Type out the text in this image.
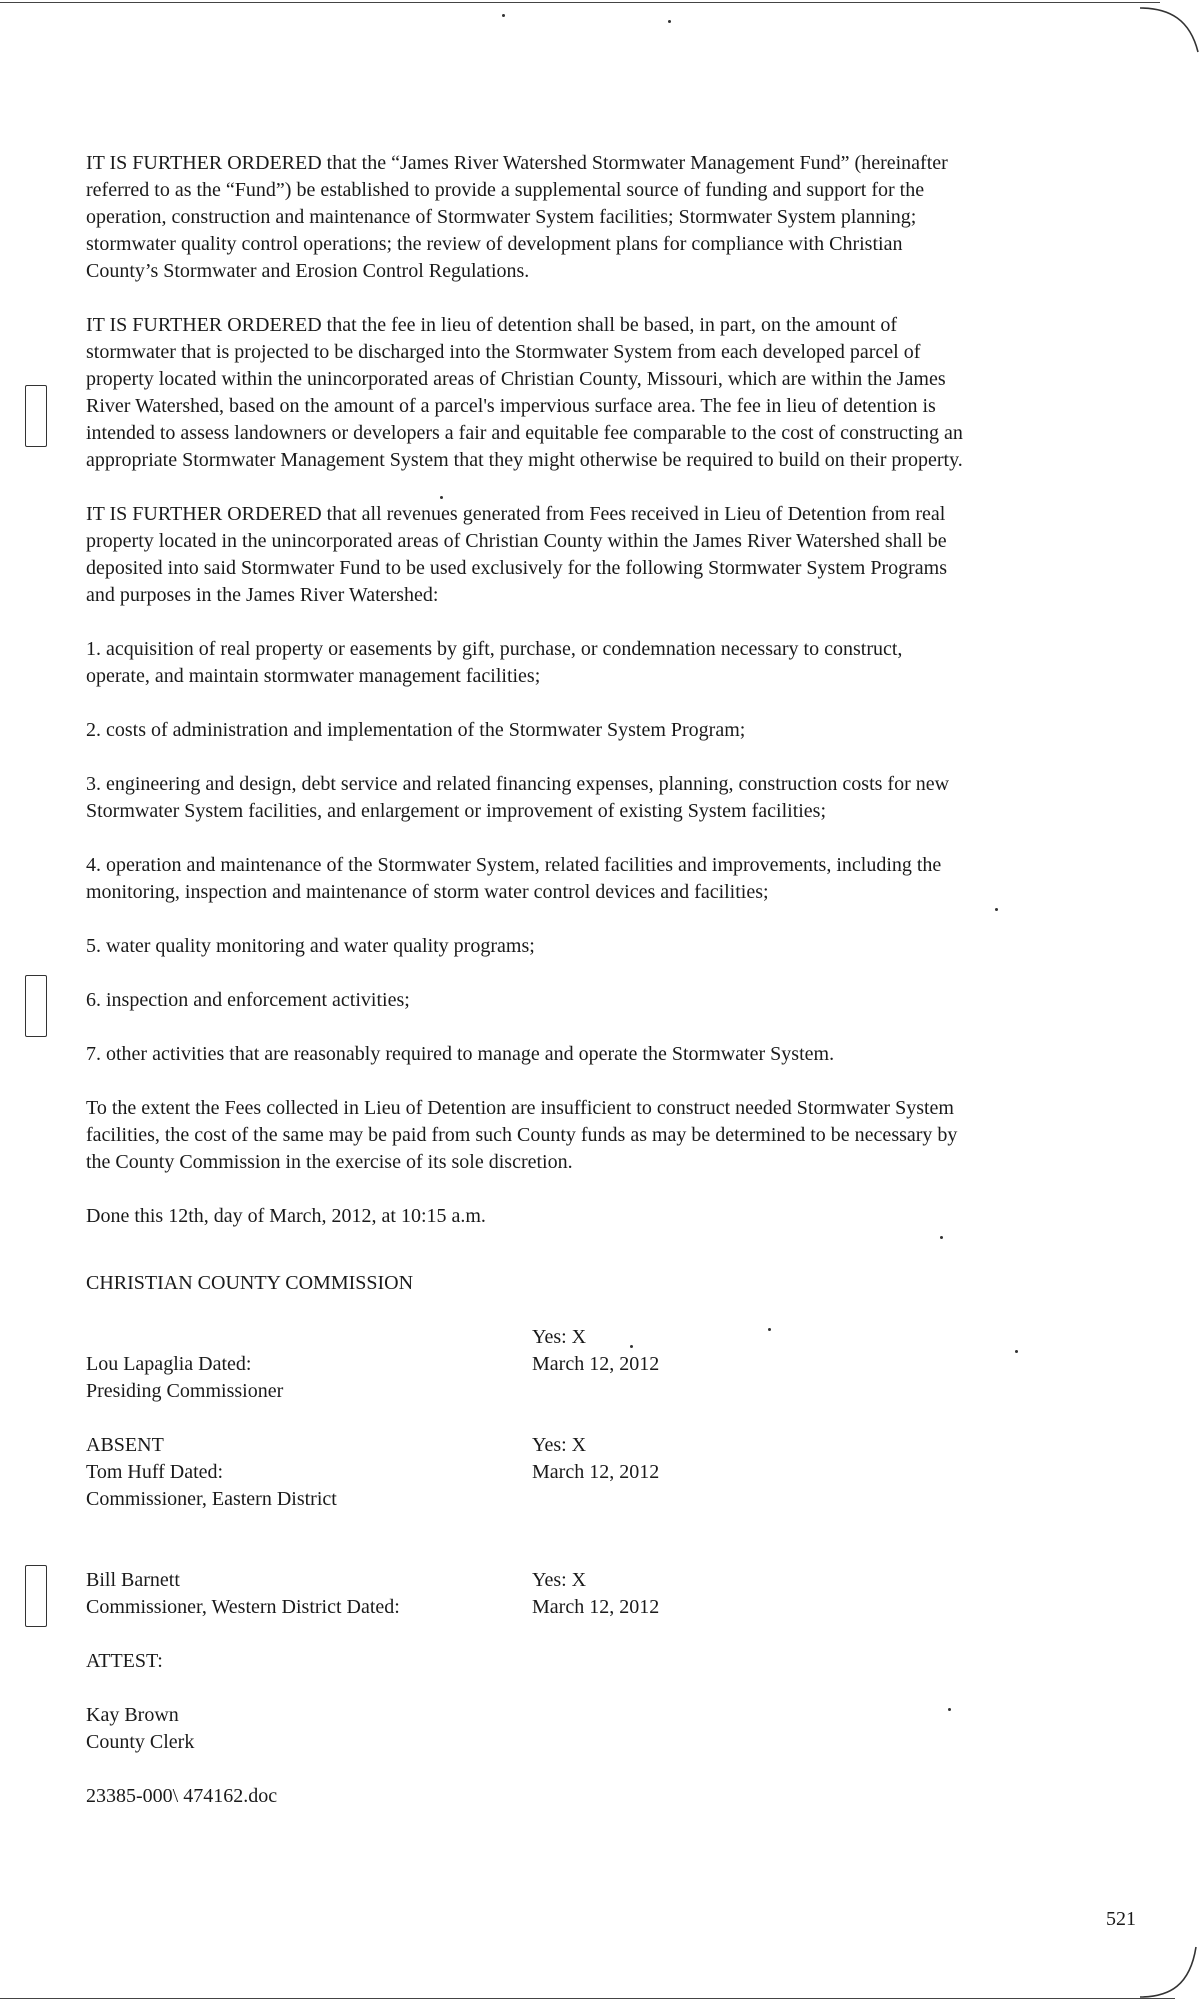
IT IS FURTHER ORDERED that the “James River Watershed Stormwater Management Fund” (hereinafter
referred to as the “Fund”) be established to provide a supplemental source of funding and support for the
operation, construction and maintenance of Stormwater System facilities; Stormwater System planning;
stormwater quality control operations; the review of development plans for compliance with Christian
County’s Stormwater and Erosion Control Regulations.

IT IS FURTHER ORDERED that the fee in lieu of detention shall be based, in part, on the amount of
stormwater that is projected to be discharged into the Stormwater System from each developed parcel of
property located within the unincorporated areas of Christian County, Missouri, which are within the James
River Watershed, based on the amount of a parcel's impervious surface area. The fee in lieu of detention is
intended to assess landowners or developers a fair and equitable fee comparable to the cost of constructing an
appropriate Stormwater Management System that they might otherwise be required to build on their property.

IT IS FURTHER ORDERED that all revenues generated from Fees received in Lieu of Detention from real
property located in the unincorporated areas of Christian County within the James River Watershed shall be
deposited into said Stormwater Fund to be used exclusively for the following Stormwater System Programs
and purposes in the James River Watershed:

1. acquisition of real property or easements by gift, purchase, or condemnation necessary to construct,
operate, and maintain stormwater management facilities;

2. costs of administration and implementation of the Stormwater System Program;

3. engineering and design, debt service and related financing expenses, planning, construction costs for new
Stormwater System facilities, and enlargement or improvement of existing System facilities;

4. operation and maintenance of the Stormwater System, related facilities and improvements, including the
monitoring, inspection and maintenance of storm water control devices and facilities;

5. water quality monitoring and water quality programs;

6. inspection and enforcement activities;

7. other activities that are reasonably required to manage and operate the Stormwater System.

To the extent the Fees collected in Lieu of Detention are insufficient to construct needed Stormwater System
facilities, the cost of the same may be paid from such County funds as may be determined to be necessary by
the County Commission in the exercise of its sole discretion.

Done this 12th, day of March, 2012, at 10:15 a.m.

CHRISTIAN COUNTY COMMISSION

Lou Lapaglia Dated:
Presiding Commissioner
Yes: X
March 12, 2012
ABSENT
Tom Huff Dated:
Commissioner, Eastern District
Yes: X
March 12, 2012

Bill Barnett
Commissioner, Western District Dated:

Yes: X
March 12, 2012

ATTEST:

Kay Brown

County Clerk

23385-000\ 474162.doc

521
